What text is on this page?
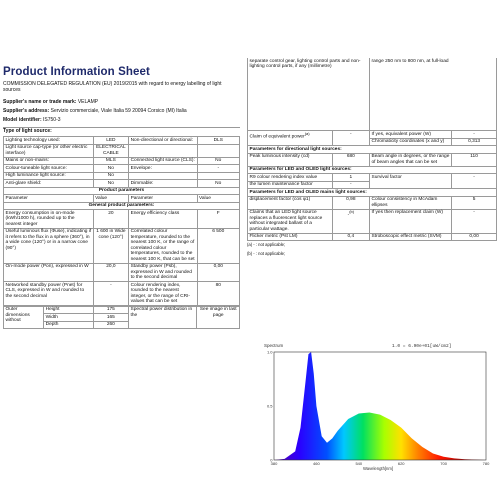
Product Information Sheet
COMMISSION DELEGATED REGULATION (EU) 2019/2015 with regard to energy labelling of light sources
Supplier's name or trade mark: VELAMP
Supplier's address: Servizio commerciale, Viale Italia 59 20094 Corsico (MI) Italia
Model identifier: IS750-3
Type of light source:
Lighting technology used:	LED	Non-directional or directional:	DLS
Light source cap-type (or other electric interface)	ELECTRICAL CABLE		
Mains or non-mains:	MLS	Connected light source (CLS):	No
Colour-tuneable light source:	No	Envelope:	-
High luminance light source:	No		
Anti-glare shield:	No	Dimmable:	No
Product parameters			
Parameter	Value	Parameter	Value
General product parameters:			
Energy consumption in on-mode (kWh/1000 h), rounded up to the nearest integer	20	Energy efficiency class	F
Useful luminous flux (Φuse), indicating if it refers to the flux in a sphere (360°), in a wide cone (120°) or in a narrow cone (90°)	1 600 in Wide cone (120°)	Correlated colour temperature, rounded to the nearest 100 K, or the range of correlated colour temperatures, rounded to the nearest 100 K, that can be set	6 500
On-mode power (Pon), expressed in W	20,0	Standby power (Psb), expressed in W and rounded to the second decimal	0,00
Networked standby power (Pnet) for CLS, expressed in W and rounded to the second decimal	-	Colour rendering index, rounded to the nearest integer, or the range of CRI-values that can be set	80
Outer dimensions without	Height	175	Spectral power distribution in the	See image in last page
	Width	165		
	Depth	260		
separate control gear, lighting control parts and non-lighting control parts, if any (millimetre)	range 250 nm to 800 nm, at full-load
Claim of equivalent power$^{(a)}$	-	If yes, equivalent power (W)	-
		Chromaticity coordinates (x and y)	0,313
Parameters for directional light sources:			
Peak luminous intensity (cd)	680	Beam angle in degrees, or the range of beam angles that can be set	110
Parameters for LED and OLED light sources:			
R9 colour rendering index value	1	Survival factor	-
the lumen maintenance factor	-		
Parameters for LED and OLED mains light sources:			
displacement factor (cos φ1)	0,98	Colour consistency in McAdam ellipses	5
Claims that an LED light source replaces a fluorescent light source without integrated ballast of a particular wattage.	-$^{(b)}$	If yes then replacement claim (W)	-
Flicker metric (Pst LM)	0,4	Stroboscopic effect metric (SVM)	0,00
(a) - : not applicable;
(b) - : not applicable;
Spectrum	1.0 = 6.90e+01[uW/cm2]
0
0.5
1.0
380	460	540	620	700	780
Wavelength[nm]
